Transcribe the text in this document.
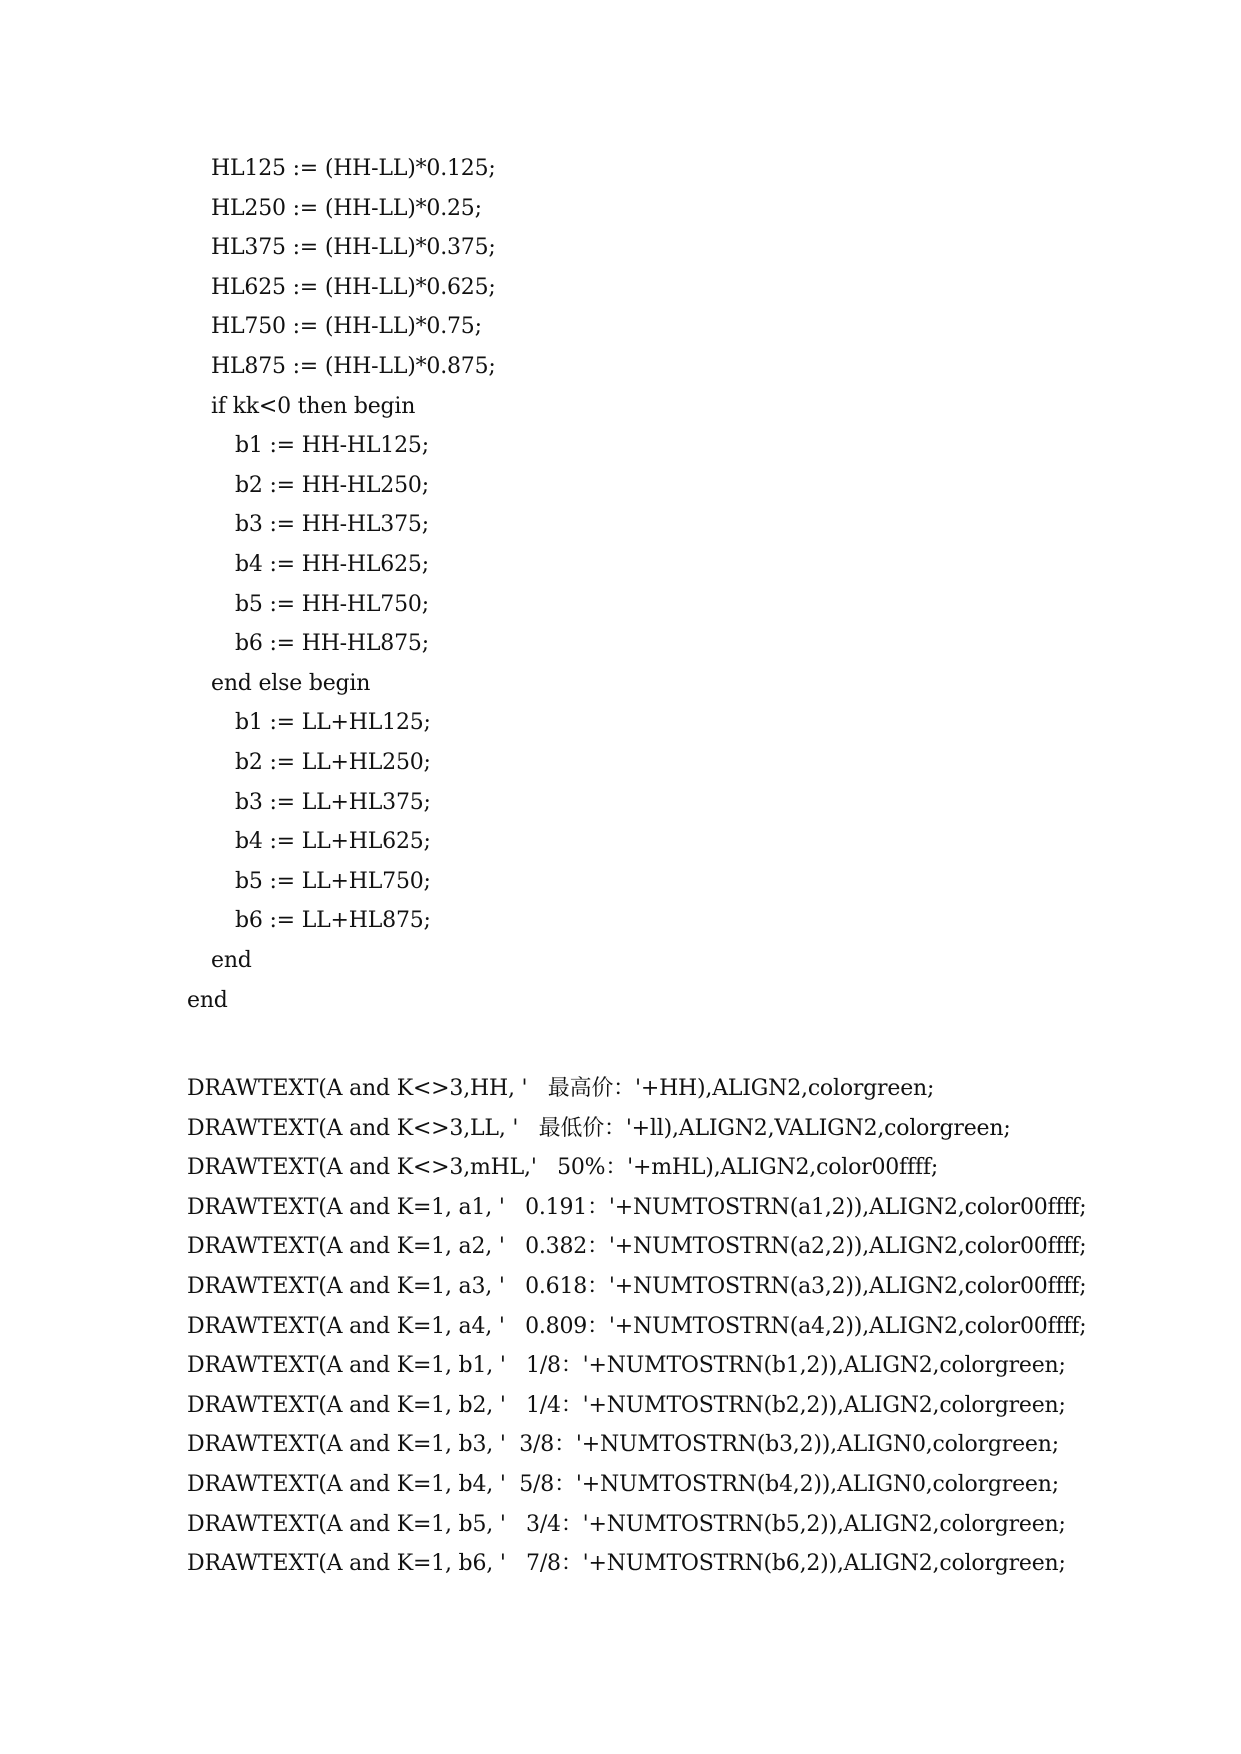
HL125 := (HH-LL)*0.125;
HL250 := (HH-LL)*0.25;
HL375 := (HH-LL)*0.375;
HL625 := (HH-LL)*0.625;
HL750 := (HH-LL)*0.75;
HL875 := (HH-LL)*0.875;
if kk<0 then begin
b1 := HH-HL125;
b2 := HH-HL250;
b3 := HH-HL375;
b4 := HH-HL625;
b5 := HH-HL750;
b6 := HH-HL875;
end else begin
b1 := LL+HL125;
b2 := LL+HL250;
b3 := LL+HL375;
b4 := LL+HL625;
b5 := LL+HL750;
b6 := LL+HL875;
end
end
DRAWTEXT(A and K<>3,HH, '   最高价：'+HH),ALIGN2,colorgreen;
DRAWTEXT(A and K<>3,LL, '   最低价：'+ll),ALIGN2,VALIGN2,colorgreen;
DRAWTEXT(A and K<>3,mHL,'   50%：'+mHL),ALIGN2,color00ffff;
DRAWTEXT(A and K=1, a1, '   0.191：'+NUMTOSTRN(a1,2)),ALIGN2,color00ffff;
DRAWTEXT(A and K=1, a2, '   0.382：'+NUMTOSTRN(a2,2)),ALIGN2,color00ffff;
DRAWTEXT(A and K=1, a3, '   0.618：'+NUMTOSTRN(a3,2)),ALIGN2,color00ffff;
DRAWTEXT(A and K=1, a4, '   0.809：'+NUMTOSTRN(a4,2)),ALIGN2,color00ffff;
DRAWTEXT(A and K=1, b1, '   1/8：'+NUMTOSTRN(b1,2)),ALIGN2,colorgreen;
DRAWTEXT(A and K=1, b2, '   1/4：'+NUMTOSTRN(b2,2)),ALIGN2,colorgreen;
DRAWTEXT(A and K=1, b3, '  3/8：'+NUMTOSTRN(b3,2)),ALIGN0,colorgreen;
DRAWTEXT(A and K=1, b4, '  5/8：'+NUMTOSTRN(b4,2)),ALIGN0,colorgreen;
DRAWTEXT(A and K=1, b5, '   3/4：'+NUMTOSTRN(b5,2)),ALIGN2,colorgreen;
DRAWTEXT(A and K=1, b6, '   7/8：'+NUMTOSTRN(b6,2)),ALIGN2,colorgreen;
